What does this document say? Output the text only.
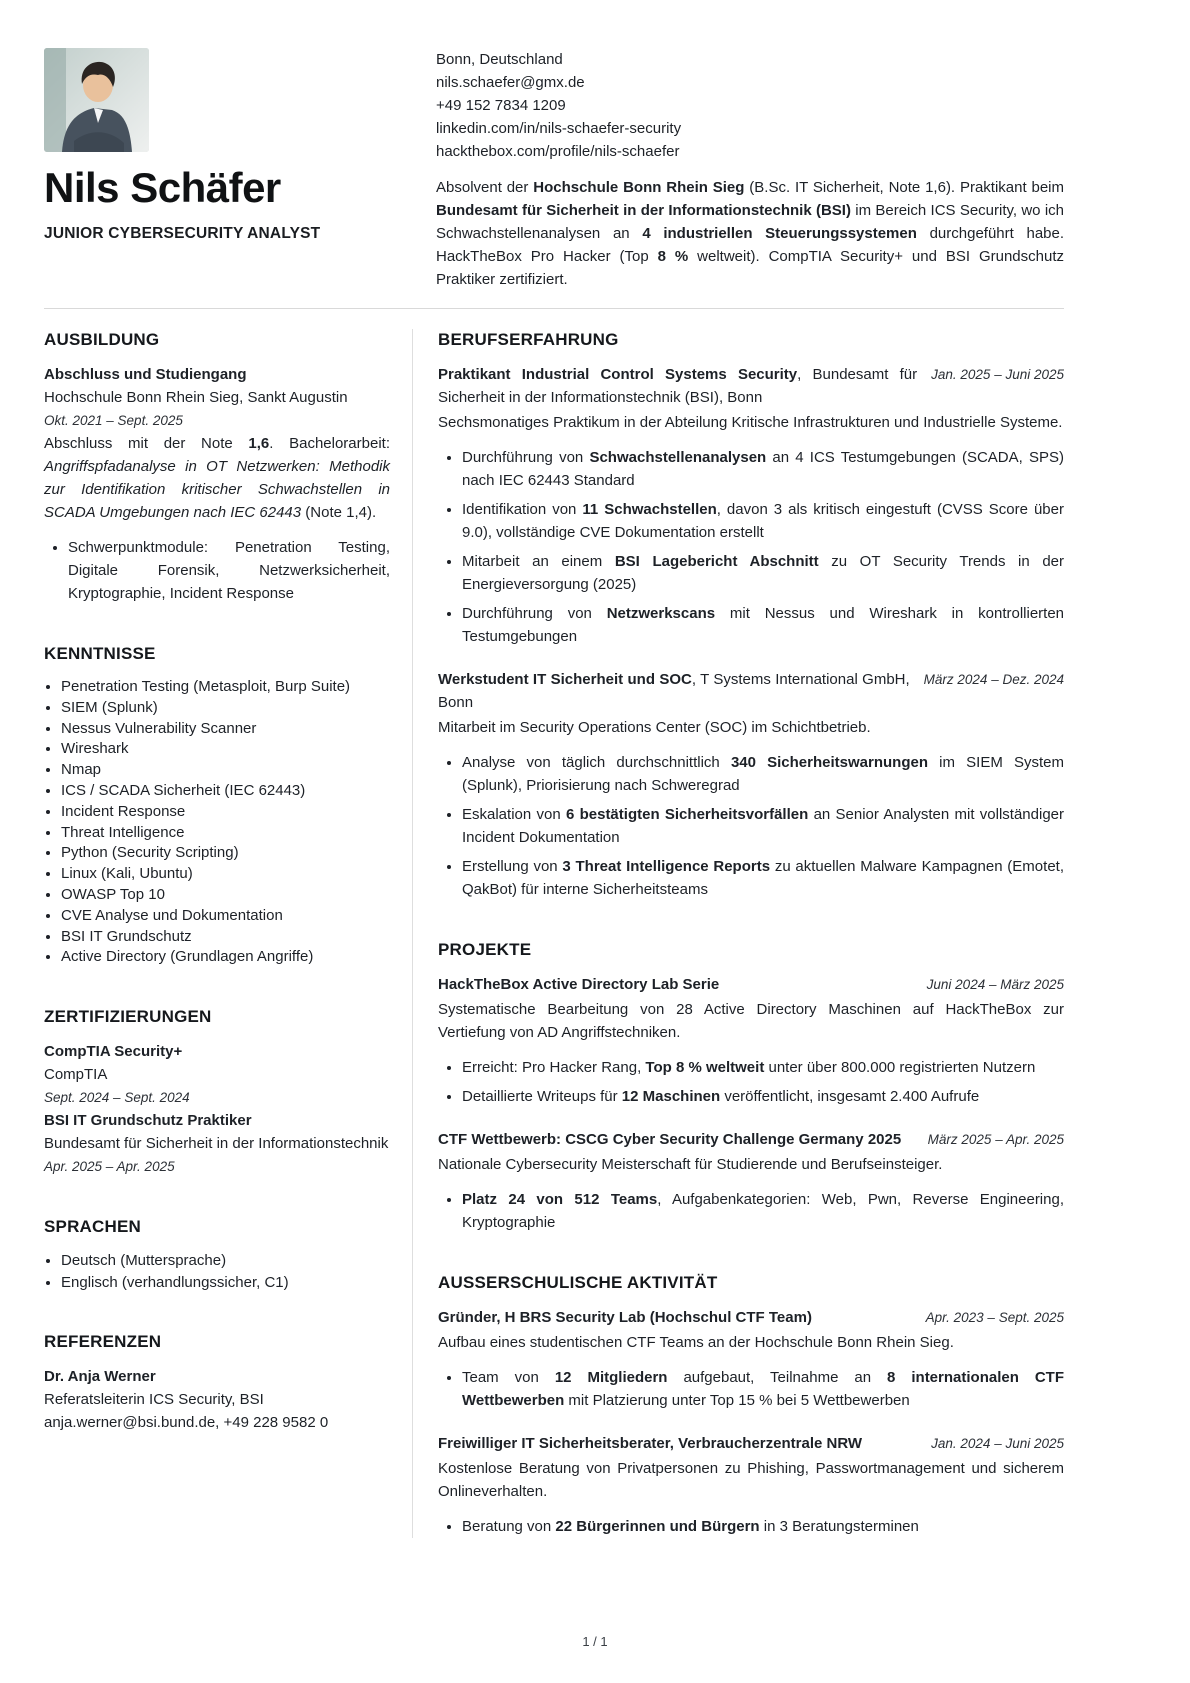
Nils Schäfer
JUNIOR CYBERSECURITY ANALYST
Bonn, Deutschland
nils.schaefer@gmx.de
+49 152 7834 1209
linkedin.com/in/nils-schaefer-security
hackthebox.com/profile/nils-schaefer

Absolvent der Hochschule Bonn Rhein Sieg (B.Sc. IT Sicherheit, Note 1,6). Praktikant beim Bundesamt für Sicherheit in der Informationstechnik (BSI) im Bereich ICS Security, wo ich Schwachstellenanalysen an 4 industriellen Steuerungssystemen durchgeführt habe. HackTheBox Pro Hacker (Top 8 % weltweit). CompTIA Security+ und BSI Grundschutz Praktiker zertifiziert.

AUSBILDUNG

Abschluss und Studiengang

Hochschule Bonn Rhein Sieg, Sankt Augustin

Okt. 2021 – Sept. 2025

Abschluss mit der Note 1,6. Bachelorarbeit: Angriffspfadanalyse in OT Netzwerken: Methodik zur Identifikation kritischer Schwachstellen in SCADA Umgebungen nach IEC 62443 (Note 1,4).

• Schwerpunktmodule: Penetration Testing, Digitale Forensik, Netzwerksicherheit, Kryptographie, Incident Response
KENNTNISSE
• Penetration Testing (Metasploit, Burp Suite)
• SIEM (Splunk)
• Nessus Vulnerability Scanner
• Wireshark
• Nmap
• ICS / SCADA Sicherheit (IEC 62443)
• Incident Response
• Threat Intelligence
• Python (Security Scripting)
• Linux (Kali, Ubuntu)
• OWASP Top 10
• CVE Analyse und Dokumentation
• BSI IT Grundschutz
• Active Directory (Grundlagen Angriffe)
ZERTIFIZIERUNGEN

CompTIA Security+

CompTIA

Sept. 2024 – Sept. 2024

BSI IT Grundschutz Praktiker

Bundesamt für Sicherheit in der Informationstechnik

Apr. 2025 – Apr. 2025

SPRACHEN
• Deutsch (Muttersprache)
• Englisch (verhandlungssicher, C1)
REFERENZEN

Dr. Anja Werner

Referatsleiterin ICS Security, BSI

anja.werner@bsi.bund.de, +49 228 9582 0

BERUFSERFAHRUNG

Jan. 2025 – Juni 2025
Praktikant Industrial Control Systems Security, Bundesamt für Sicherheit in der Informationstechnik (BSI), Bonn

Sechsmonatiges Praktikum in der Abteilung Kritische Infrastrukturen und Industrielle Systeme.

• Durchführung von Schwachstellenanalysen an 4 ICS Testumgebungen (SCADA, SPS) nach IEC 62443 Standard
• Identifikation von 11 Schwachstellen, davon 3 als kritisch eingestuft (CVSS Score über 9.0), vollständige CVE Dokumentation erstellt
• Mitarbeit an einem BSI Lagebericht Abschnitt zu OT Security Trends in der Energieversorgung (2025)
• Durchführung von Netzwerkscans mit Nessus und Wireshark in kontrollierten Testumgebungen

März 2024 – Dez. 2024
Werkstudent IT Sicherheit und SOC, T Systems International GmbH, Bonn

Mitarbeit im Security Operations Center (SOC) im Schichtbetrieb.

• Analyse von täglich durchschnittlich 340 Sicherheitswarnungen im SIEM System (Splunk), Priorisierung nach Schweregrad
• Eskalation von 6 bestätigten Sicherheitsvorfällen an Senior Analysten mit vollständiger Incident Dokumentation
• Erstellung von 3 Threat Intelligence Reports zu aktuellen Malware Kampagnen (Emotet, QakBot) für interne Sicherheitsteams
PROJEKTE

Juni 2024 – März 2025
HackTheBox Active Directory Lab Serie

Systematische Bearbeitung von 28 Active Directory Maschinen auf HackTheBox zur Vertiefung von AD Angriffstechniken.

• Erreicht: Pro Hacker Rang, Top 8 % weltweit unter über 800.000 registrierten Nutzern
• Detaillierte Writeups für 12 Maschinen veröffentlicht, insgesamt 2.400 Aufrufe

März 2025 – Apr. 2025
CTF Wettbewerb: CSCG Cyber Security Challenge Germany 2025

Nationale Cybersecurity Meisterschaft für Studierende und Berufseinsteiger.

• Platz 24 von 512 Teams, Aufgabenkategorien: Web, Pwn, Reverse Engineering, Kryptographie
AUSSERSCHULISCHE AKTIVITÄT

Apr. 2023 – Sept. 2025
Gründer, H BRS Security Lab (Hochschul CTF Team)

Aufbau eines studentischen CTF Teams an der Hochschule Bonn Rhein Sieg.

• Team von 12 Mitgliedern aufgebaut, Teilnahme an 8 internationalen CTF Wettbewerben mit Platzierung unter Top 15 % bei 5 Wettbewerben

Jan. 2024 – Juni 2025
Freiwilliger IT Sicherheitsberater, Verbraucherzentrale NRW

Kostenlose Beratung von Privatpersonen zu Phishing, Passwortmanagement und sicherem Onlineverhalten.

• Beratung von 22 Bürgerinnen und Bürgern in 3 Beratungsterminen
1 / 1
